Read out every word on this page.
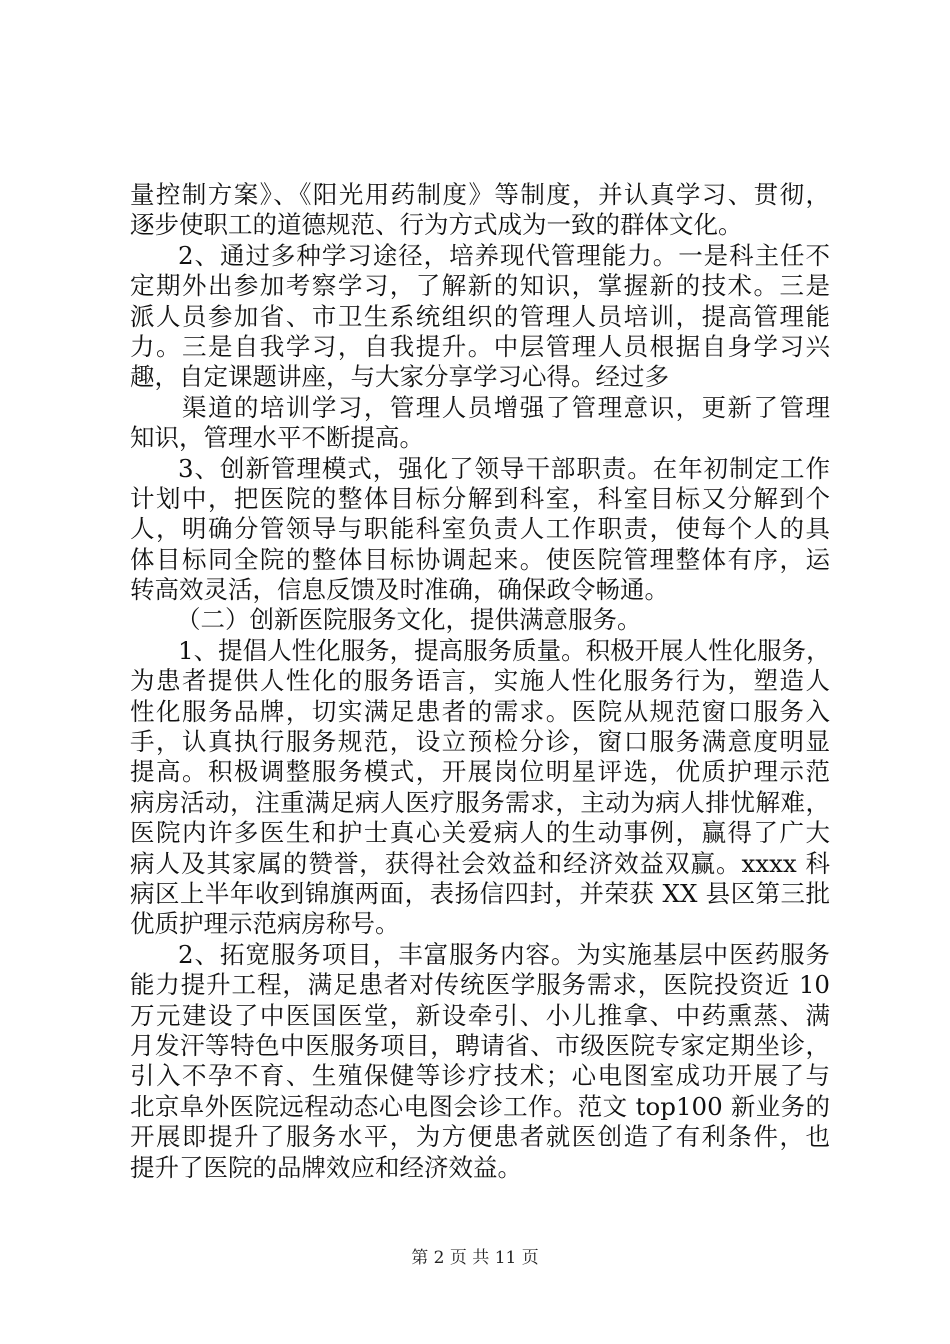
量控制方案》、《阳光用药制度》等制度，并认真学习、贯彻，
逐步使职工的道德规范、行为方式成为一致的群体文化。
2、通过多种学习途径，培养现代管理能力。一是科主任不
定期外出参加考察学习，了解新的知识，掌握新的技术。三是
派人员参加省、市卫生系统组织的管理人员培训，提高管理能
力。三是自我学习，自我提升。中层管理人员根据自身学习兴
趣，自定课题讲座，与大家分享学习心得。经过多
渠道的培训学习，管理人员增强了管理意识，更新了管理
知识，管理水平不断提高。
3、创新管理模式，强化了领导干部职责。在年初制定工作
计划中，把医院的整体目标分解到科室，科室目标又分解到个
人，明确分管领导与职能科室负责人工作职责，使每个人的具
体目标同全院的整体目标协调起来。使医院管理整体有序，运
转高效灵活，信息反馈及时准确，确保政令畅通。
（二）创新医院服务文化，提供满意服务。
1、提倡人性化服务，提高服务质量。积极开展人性化服务，
为患者提供人性化的服务语言，实施人性化服务行为，塑造人
性化服务品牌，切实满足患者的需求。医院从规范窗口服务入
手，认真执行服务规范，设立预检分诊，窗口服务满意度明显
提高。积极调整服务模式，开展岗位明星评选，优质护理示范
病房活动，注重满足病人医疗服务需求，主动为病人排忧解难，
医院内许多医生和护士真心关爱病人的生动事例，赢得了广大
病人及其家属的赞誉，获得社会效益和经济效益双赢。xxxx 科
病区上半年收到锦旗两面，表扬信四封，并荣获 XX 县区第三批
优质护理示范病房称号。
2、拓宽服务项目，丰富服务内容。为实施基层中医药服务
能力提升工程，满足患者对传统医学服务需求，医院投资近 10
万元建设了中医国医堂，新设牵引、小儿推拿、中药熏蒸、满
月发汗等特色中医服务项目，聘请省、市级医院专家定期坐诊，
引入不孕不育、生殖保健等诊疗技术；心电图室成功开展了与
北京阜外医院远程动态心电图会诊工作。范文 top100 新业务的
开展即提升了服务水平，为方便患者就医创造了有利条件，也
提升了医院的品牌效应和经济效益。
第 2 页 共 11 页
